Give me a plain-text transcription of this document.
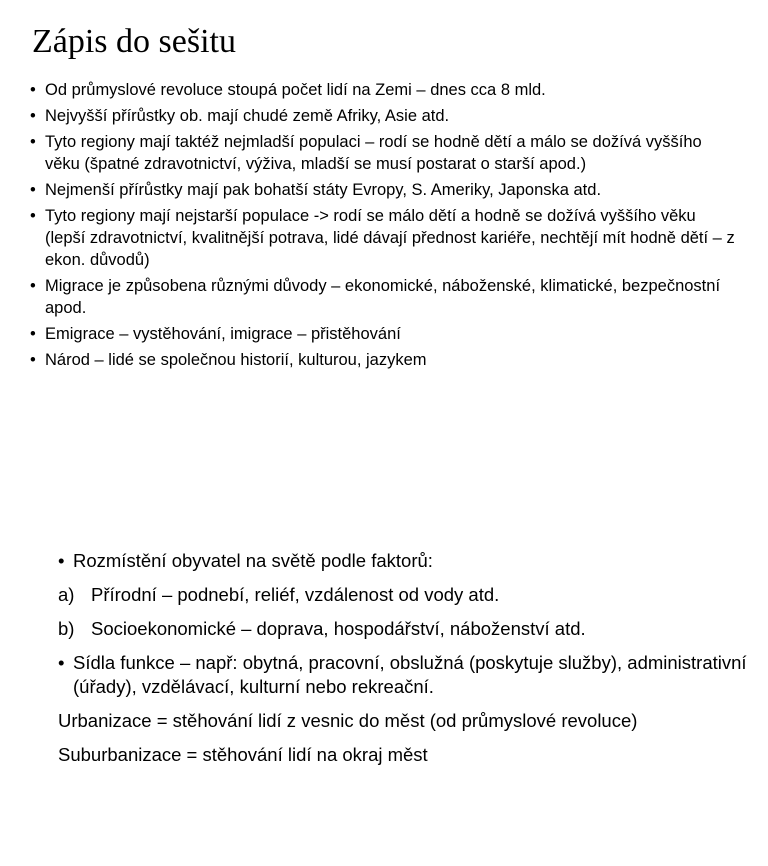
Zápis do sešitu
• Od průmyslové revoluce stoupá počet lidí na Zemi – dnes cca 8 mld.
• Nejvyšší přírůstky ob. mají chudé země Afriky, Asie atd.
• Tyto regiony mají taktéž nejmladší populaci – rodí se hodně dětí a málo se dožívá vyššího věku (špatné zdravotnictví, výživa, mladší se musí postarat o starší apod.)
• Nejmenší přírůstky mají pak bohatší státy Evropy, S. Ameriky, Japonska atd.
• Tyto regiony mají nejstarší populace -> rodí se málo dětí a hodně se dožívá vyššího věku (lepší zdravotnictví, kvalitnější potrava, lidé dávají přednost kariéře, nechtějí mít hodně dětí – z ekon. důvodů)
• Migrace je způsobena různými důvody – ekonomické, náboženské, klimatické, bezpečnostní apod.
• Emigrace – vystěhování, imigrace – přistěhování
• Národ – lidé se společnou historií, kulturou, jazykem
• Rozmístění obyvatel na světě podle faktorů:
a) Přírodní – podnebí, reliéf, vzdálenost od vody atd.
b) Socioekonomické – doprava, hospodářství, náboženství atd.
• Sídla funkce – např: obytná, pracovní, obslužná (poskytuje služby), administrativní (úřady), vzdělávací, kulturní nebo rekreační.
Urbanizace = stěhování lidí z vesnic do měst (od průmyslové revoluce)
Suburbanizace = stěhování lidí na okraj měst
